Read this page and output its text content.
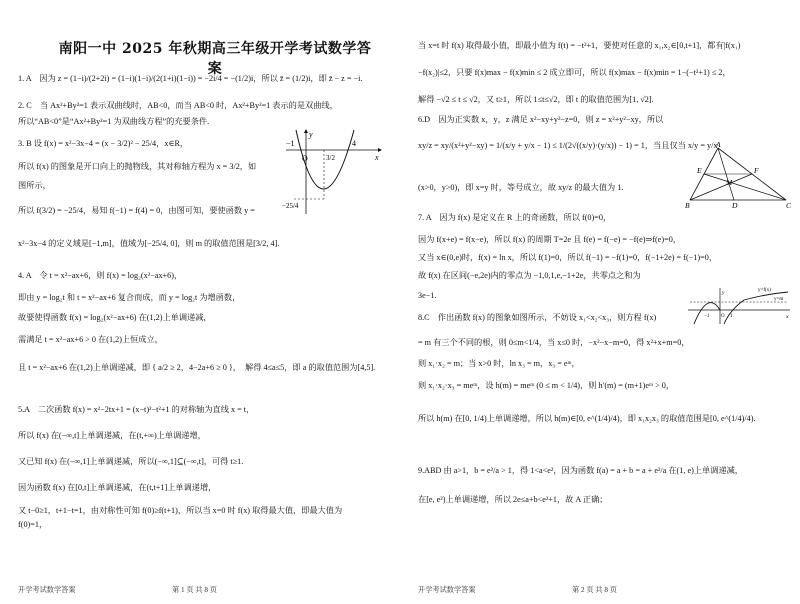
南阳一中 2025 年秋期高三年级开学考试数学答案
1. A　因为 z = (1−i)/(2+2i) = (1−i)(1−i)/(2(1+i)(1−i)) = −2i/4 = −(1/2)i，所以 z̄ = (1/2)i，即 z̄ − z = −i.
2. C　当 Ax²+By²=1 表示双曲线时，AB<0，而当 AB<0 时，Ax²+By²=1 表示的是双曲线，
所以“AB<0”是“Ax²+By²=1 为双曲线方程”的充要条件.
3. B 设 f(x) = x²−3x−4 = (x − 3/2)² − 25/4，x∈R，
所以 f(x) 的图象是开口向上的抛物线，其对称轴方程为 x = 3/2，如
图所示，
所以 f(3/2) = −25/4，易知 f(−1) = f(4) = 0，由图可知，要使函数 y =
x²−3x−4 的定义域是[−1,m]，值域为[−25/4, 0]，则 m 的取值范围是[3/2, 4].
4. A　令 t = x²−ax+6，则 f(x) = log₂(x²−ax+6)，
即由 y = log₂t 和 t = x²−ax+6 复合而成，而 y = log₂t 为增函数，
故要使得函数 f(x) = log₂(x²−ax+6) 在(1,2)上单调递减，
需满足 t = x²−ax+6 > 0 在(1,2)上恒成立，
且 t = x²−ax+6 在(1,2)上单调递减，即 { a/2 ≥ 2，4−2a+6 ≥ 0 }，　解得 4≤a≤5，即 a 的取值范围为[4,5].
5.A　二次函数 f(x) = x²−2tx+1 = (x−t)²−t²+1 的对称轴为直线 x = t，
所以 f(x) 在(−∞,t]上单调递减，在(t,+∞)上单调递增，
又已知 f(x) 在(−∞,1]上单调递减，所以(−∞,1]⊆(−∞,t]，可得 t≥1.
因为函数 f(x) 在[0,t]上单调递减，在(t,t+1]上单调递增，
又 t−0≥1，t+1−t=1，由对称性可知 f(0)≥f(t+1)，所以当 x=0 时 f(x) 取得最大值，即最大值为
f(0)=1，
O	x
y
−1	4
3/2
−25/4
开学考试数学答案	第 1 页 共 8 页
当 x=t 时 f(x) 取得最小值，即最小值为 f(t) = −t²+1，要使对任意的 x₁,x₂∈[0,t+1]，都有|f(x₁)
−f(x₂)|≤2，只要 f(x)max − f(x)min ≤ 2 成立即可，所以 f(x)max − f(x)min = 1−(−t²+1) ≤ 2，
解得 −√2 ≤ t ≤ √2，又 t≥1，所以 1≤t≤√2，即 t 的取值范围为[1, √2].
6.D　因为正实数 x，y，z 满足 x²−xy+y²−z=0，则 z = x²+y²−xy，所以
xy/z = xy/(x²+y²−xy) = 1/(x/y + y/x − 1) ≤ 1/(2√((x/y)·(y/x)) − 1) = 1，当且仅当 x/y = y/x
(x>0，y>0)，即 x=y 时，等号成立，故 xy/z 的最大值为 1.
7. A　因为 f(x) 是定义在 R 上的奇函数，所以 f(0)=0，
因为 f(x+e) = f(x−e)，所以 f(x) 的周期 T=2e 且 f(e) = f(−e) = −f(e)⇒f(e)=0，
又当 x∈(0,e)时，f(x) = ln x，所以 f(1)=0，所以 f(−1) = −f(1)=0，f(−1+2e) = f(−1)=0，
故 f(x) 在区间(−e,2e)内的零点为 −1,0,1,e,−1+2e，共零点之和为
3e−1.
8.C　作出函数 f(x) 的图象如图所示，不妨设 x₁<x₂<x₃，则方程 f(x)
= m 有三个不同的根，则 0≤m<1/4，当 x≤0 时，−x²−x−m=0，得 x²+x+m=0，
则 x₁·x₂ = m；当 x>0 时，ln x₃ = m，x₃ = eᵐ，
则 x₁·x₂·x₃ = meᵐ，设 h(m) = meᵐ (0 ≤ m < 1/4)，则 h′(m) = (m+1)eᵐ > 0，
所以 h(m) 在[0, 1/4)上单调递增，所以 h(m)∈[0, e^(1/4)/4)，即 x₁x₂x₃ 的取值范围是[0, e^(1/4)/4).
9.ABD 由 a>1，b = e²/a > 1，得 1<a<e²，因为函数 f(a) = a + b = a + e²/a 在(1, e)上单调递减，
在[e, e²)上单调递增，所以 2e≤a+b<e²+1，故 A 正确；
A
B	C
D
E	F
M
y
x
y=f(x)
y=m
−1 O 1
开学考试数学答案	第 2 页 共 8 页
